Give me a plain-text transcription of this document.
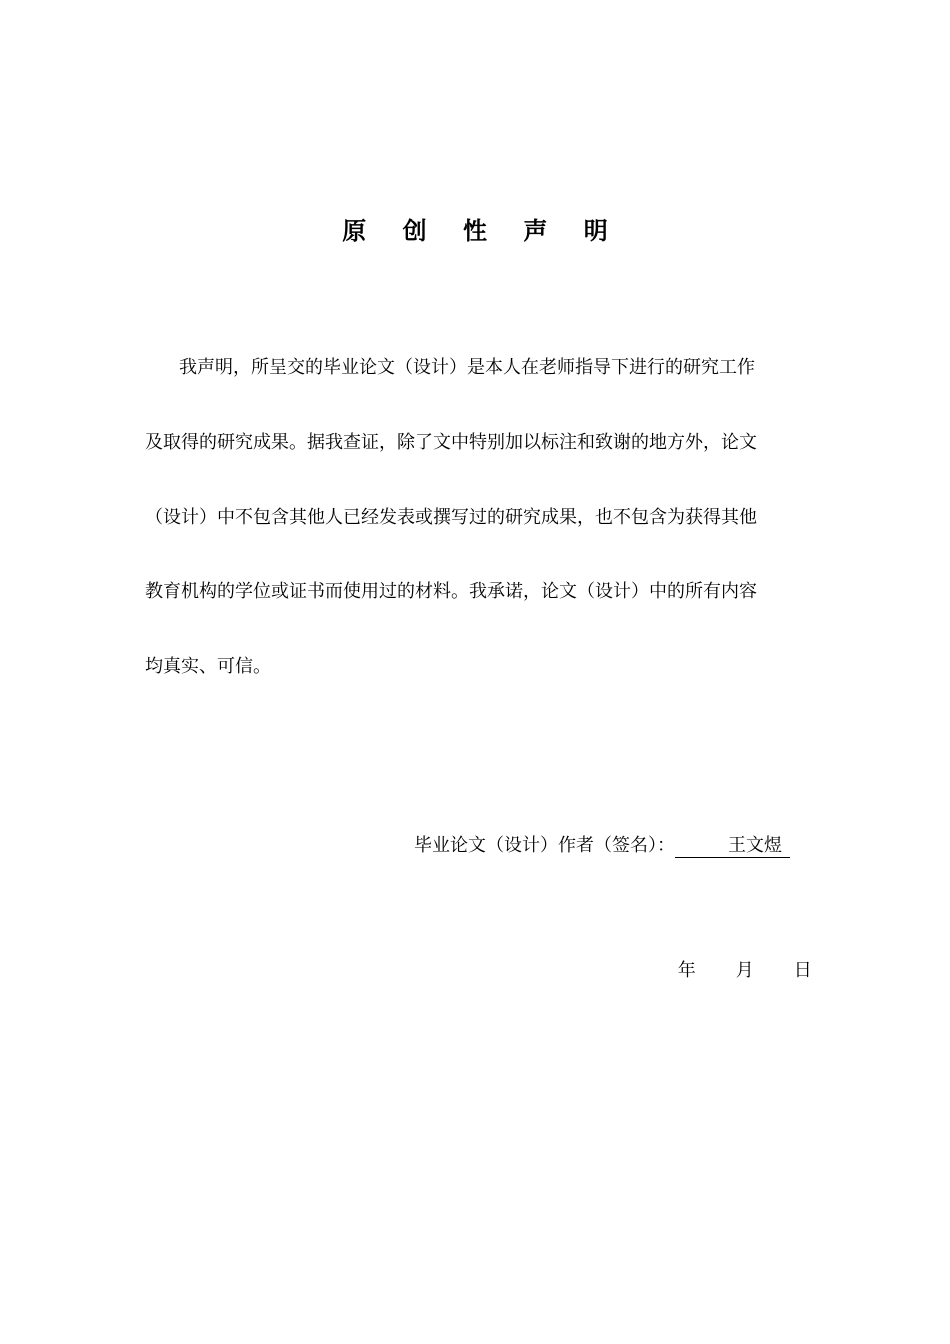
原 创 性 声 明
我声明，所呈交的毕业论文（设计）是本人在老师指导下进行的研究工作
及取得的研究成果。据我查证，除了文中特别加以标注和致谢的地方外，论文
（设计）中不包含其他人已经发表或撰写过的研究成果，也不包含为获得其他
教育机构的学位或证书而使用过的材料。我承诺，论文（设计）中的所有内容
均真实、可信。
毕业论文（设计）作者（签名）：	王文煜
年 月 日
